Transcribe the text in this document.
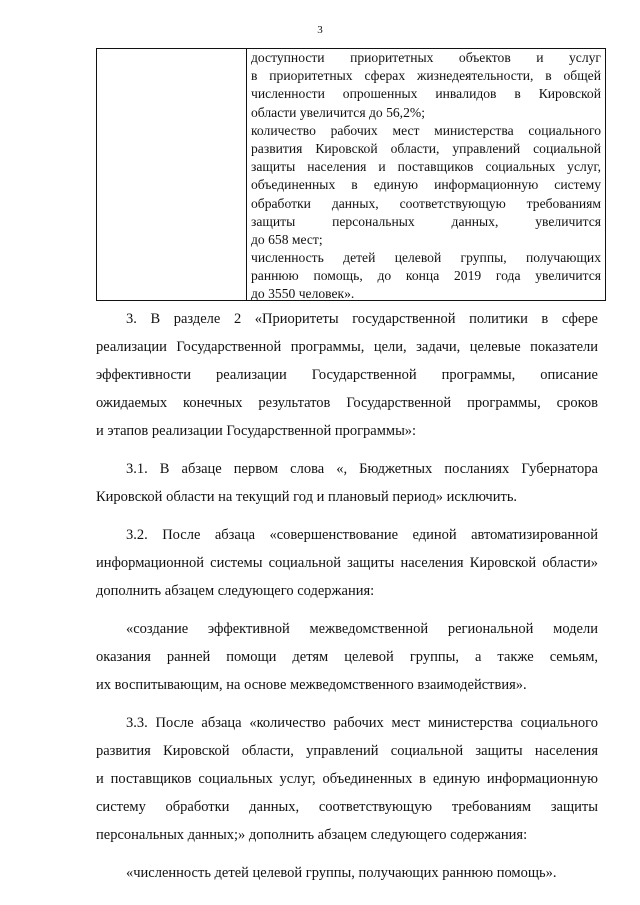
3
доступности приоритетных объектов и услуг
в приоритетных сферах жизнедеятельности, в общей
численности опрошенных инвалидов в Кировской
области увеличится до 56,2%;
количество рабочих мест министерства социального
развития Кировской области, управлений социальной
защиты населения и поставщиков социальных услуг,
объединенных в единую информационную систему
обработки данных, соответствующую требованиям
защиты персональных данных, увеличится
до 658 мест;
численность детей целевой группы, получающих
раннюю помощь, до конца 2019 года увеличится
до 3550 человек».
3. В разделе 2 «Приоритеты государственной политики в сфере
реализации Государственной программы, цели, задачи, целевые показатели
эффективности реализации Государственной программы, описание
ожидаемых конечных результатов Государственной программы, сроков
и этапов реализации Государственной программы»:
3.1. В абзаце первом слова «, Бюджетных посланиях Губернатора
Кировской области на текущий год и плановый период» исключить.
3.2. После абзаца «совершенствование единой автоматизированной
информационной системы социальной защиты населения Кировской области»
дополнить абзацем следующего содержания:
«создание эффективной межведомственной региональной модели
оказания ранней помощи детям целевой группы, а также семьям,
их воспитывающим, на основе межведомственного взаимодействия».
3.3. После абзаца «количество рабочих мест министерства социального
развития Кировской области, управлений социальной защиты населения
и поставщиков социальных услуг, объединенных в единую информационную
систему обработки данных, соответствующую требованиям защиты
персональных данных;» дополнить абзацем следующего содержания:
«численность детей целевой группы, получающих раннюю помощь».
